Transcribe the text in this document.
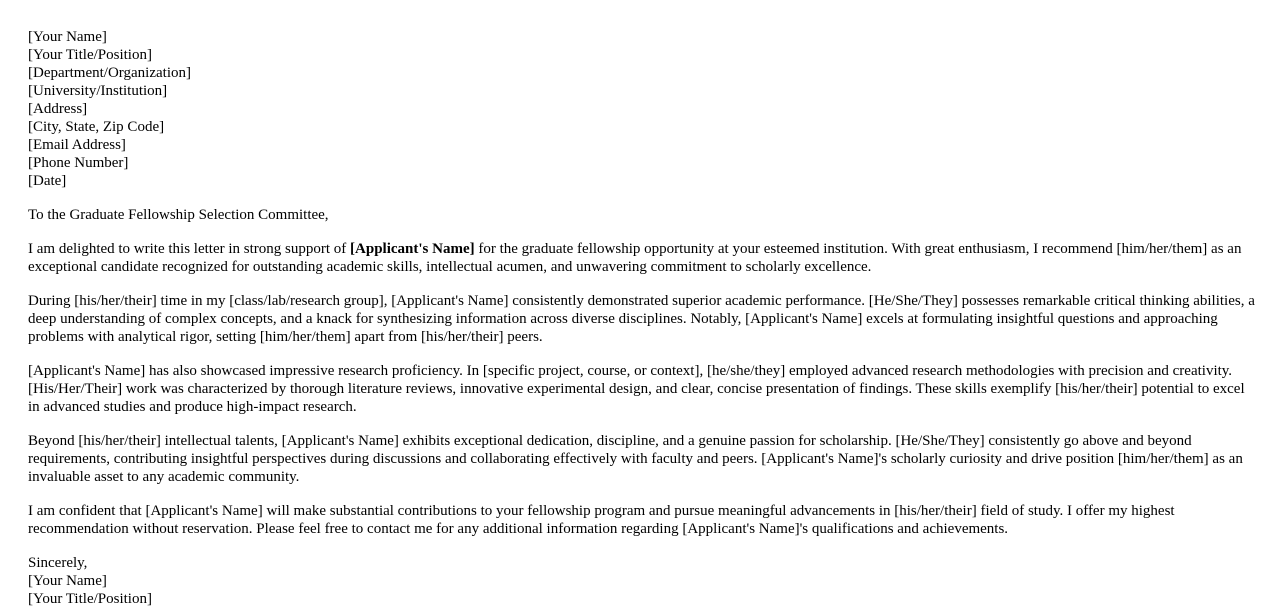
[Your Name]
[Your Title/Position]
[Department/Organization]
[University/Institution]
[Address]
[City, State, Zip Code]
[Email Address]
[Phone Number]
[Date]
To the Graduate Fellowship Selection Committee,

I am delighted to write this letter in strong support of [Applicant's Name] for the graduate fellowship opportunity at your esteemed institution. With great enthusiasm, I recommend [him/her/them] as an exceptional candidate recognized for outstanding academic skills, intellectual acumen, and unwavering commitment to scholarly excellence.

During [his/her/their] time in my [class/lab/research group], [Applicant's Name] consistently demonstrated superior academic performance. [He/She/They] possesses remarkable critical thinking abilities, a deep understanding of complex concepts, and a knack for synthesizing information across diverse disciplines. Notably, [Applicant's Name] excels at formulating insightful questions and approaching problems with analytical rigor, setting [him/her/them] apart from [his/her/their] peers.

[Applicant's Name] has also showcased impressive research proficiency. In [specific project, course, or context], [he/she/they] employed advanced research methodologies with precision and creativity. [His/Her/Their] work was characterized by thorough literature reviews, innovative experimental design, and clear, concise presentation of findings. These skills exemplify [his/her/their] potential to excel in advanced studies and produce high-impact research.

Beyond [his/her/their] intellectual talents, [Applicant's Name] exhibits exceptional dedication, discipline, and a genuine passion for scholarship. [He/She/They] consistently go above and beyond requirements, contributing insightful perspectives during discussions and collaborating effectively with faculty and peers. [Applicant's Name]'s scholarly curiosity and drive position [him/her/them] as an invaluable asset to any academic community.

I am confident that [Applicant's Name] will make substantial contributions to your fellowship program and pursue meaningful advancements in [his/her/their] field of study. I offer my highest recommendation without reservation. Please feel free to contact me for any additional information regarding [Applicant's Name]'s qualifications and achievements.

Sincerely,
[Your Name]
[Your Title/Position]
